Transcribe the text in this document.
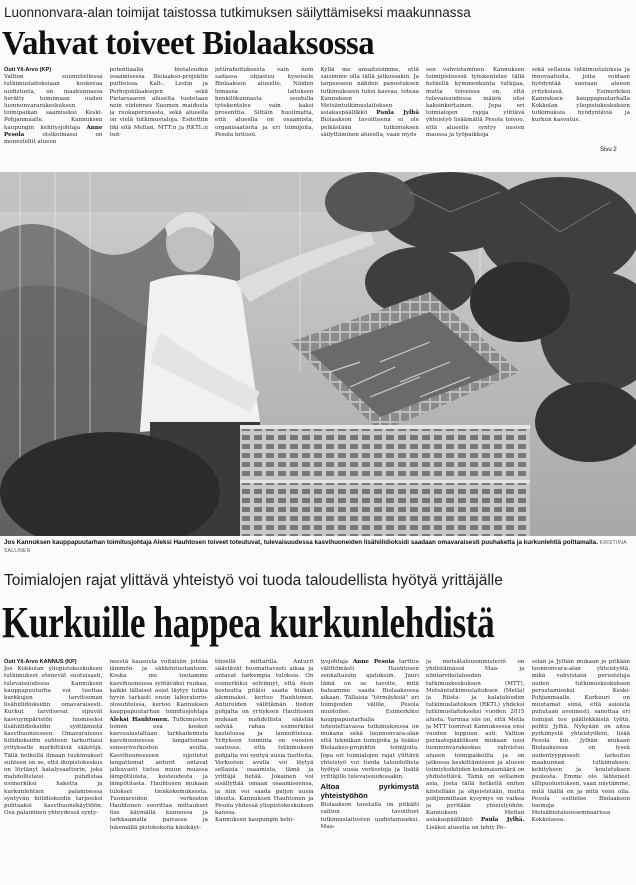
Luonnonvara-alan toimijat taistossa tutkimuksen säilyttämiseksi maakunnassa
Vahvat toiveet Biolaaksossa

Outi Yli-Arvo (KP)

Valtion suunnitellessa tutkimuslaitoksiaan koskevaa uudistusta, on maakunnassa herätty toimimaan uuden luonnonvararakeskuksen toimipaikan saamiseksi Keski-Pohjanmaalle. Kannuksen kaupungin kehitysjohtaja Anne Pesola	otsikoimassi on monestellit alueen

potentiaalia biotalouden osaamisessa Biolaakso-projektin puitteissa. Kalt-, Lestin ja Perhojokilaaksojen sekä Pietarsaaren alueelta tuotetaan noin viidennes Suomen maidosta ja ruokaperunasta, sekä alueella on vielä tutkimustaloja. Esitettiin liki sitä Metlan, MTT:n ja RKTL:n tud-

jettirahoituksesta vain noin sadassa objastuu kyseisele Biolaakson alueelle. Näiden lomassa laitoksen henkilökunnasta seudulla työskentelee vain kaksi prosenttia. Sittäin huolimatta, että alueella on osaamista, organisaatioita ja eri toimijoita, Pesola kritisoi.

Kyllä me ansaitsisimme, että saisimme olla tällä jatkossakin. Ja tarpeeseen nähden panostuksen tutkimukseen tulisi kasvaa, toteaa Kannuksen Metsäntutkimuslaitoksen asiakaspäällikkö Paula Jylhä Biolaakson tavoitteena ei ole pelkästään tutkimuksen säilyttäminen alueella, vaan myös

sen vahvistaminen. Kannuksen toimipisteessä työskentelee tällä hetkellä kymmenkunta tutkijaa, mutta toiveissa on, että tulevaisuudessa määrä olisi kaksinkertainen. Jopa eri toimialojen rajoja ylittävä yhteistyö lisäämällä Pesola toivoo, että alueelle syntyy uusien maussa ja työpaikkoja

sekä sellaisia tutkimustuloksia ja innovaatioita, joita voidaan hyödyntää suoraan alueen yrityksissä. Esimerkiksi Kannuksen kauppapuutarhalla Kokkolan yliopistokeskuksen tutkimuksia hyödyntäviä ja kurkun kasvatus.

Sivu 2
Jos Kannuksen kauppapuutarhan toimitusjohtaja Aleksi Hauhtosen toiveet toteutuvat, tulevaisuudessa kasvihuoneiden lisähiilidioksidi saadaan omavaraisesti puuhaketta ja kurkunlehtiä polttamalla. KRISTIINA SALLINEN
Toimialojen rajat ylittävä yhteistyö voi tuoda taloudellista hyötyä yrittäjälle
Kurkuille happea kurkunlehdistä

Outi Yli-Arvo KANNUS (KP)

Jos Kokkolan yliopistokeskuksen tutkimukset etenevät suotuisasti, tulevaisuudessa Kannuksen kauppapuutarha voi tuottaa kurkkujen tarvitseman lisähiilidioksidin omavaraisesti. Kurkut tarvitsevat sipuvät kasvuympäristön luomiseksi lisähiilidioksidin syöttämistä kasvihuoneeseen. Omavaraisuus hiilidioksidin suhteen tarkoittaisi yritykselle merkittäviä säästöjä. Tällä hetkellä ilmaan tuskimukset suhteen on se, että diopistokeskus on löytänyt katalysaattorin, joka mahdollistaisi puhdistaa esimerkiksi haketta ja kurkunlehtien palamisessa syntyvän hiilidioksidin tarpeeksi puhtaaksi kasvihuonekäyttöön. Osa palaminen yhteydessä synty-

neestä kaasusta voitaisiin johtaa lämmön- ja sähköntuotantoon. Koska me tuotamme kasvihuoneissa syötäväksi ruokaa, kaikki tällaiset asiat täytyy tutkia hyvin tarkasti ensin laboratorio-olosuhteissa, kertoo Kannuksen kauppapuutarhan toimitusjohtaja Aleksi Hauhtonen. Tutkimusten toinen osa koskee kasvualustaltaan tarkkailemista kasvihuoneessa langattoman sensoriverkoston avulla. Kasvihuoneeseen sijoitetut langattomat anturit antavat jatkuvasti tietoa muun muassa lämpötiloista, kosteudesta ja lämpötilasta. Hauhtosen mukaan tulokset tienkokemuksesta. Tuomareiden verkoston Hauhtonen suorittaa mittaukset itse käymällä kunnossa ja tarkkaamalla paivassa ja tekemällä pistokokeita käsikäyt-

töisellä mittarilla. Anturit säästävät huomattavasti aikaa ja antavat tarkempia tuloksia. On esimerkiksi selvinnyt, että öisin kosteutta pitäisi saada hiukan alemmaksi, kertoo Hauhtonen. Antureiden välittämän tiedon pohjalta on yrityksen Hauhtosen mukaan mahdollista säästää selvää rahaa esimerkiksi kastelussa ja lannoitteissa. Yrityksen toiminta on vuosien saatossa, että tutkimuksen pohjalta voi syntyä uusia tuotteita. Verkoston avulla voi löytyä sellaisia osaamista, tämä ja yrittäjä tietää. Jokainen voi sisällyttää omaan osaamiseensa, ja niin voi saada paljon uusia ideoita. Kannuksen Hauhtonen ja Pesola yhdessä yliopistokeskuksen kanssa.

Kannuksen kaupungin kehi-

tysjohtaja Anne Pesola tarttuu välittömästi Hauhtosen senkaltaisiin ajatuksiin. Juuri tämä on se tavoite, mitä haluamme saada Biolaaksossa aikaan. Tällaisia "törmäyksiä" eri toimijoiden välille, Pesola muotoilee. Esimerkiksi kauppapuutarhalla toteutettavassa tutkimuksessa on mukana sekä luonnonvara-alan että tekniikan toimijoita ja lisäksi Biolaakso-projektin toimijoita. Jopa eri toimialojen rajat ylittävä yhteistyö voi tuoda taloudellista hyötyä uusia verkostoja ja lisätä yrittäjille tulevaisuudessakin.

Altoa pyrkimystä yhteistyöhön

Biolaakson taustalla on pitkälti valtion tavoitteet tutkimuslaitosten uudistamiseksi. Maa-

ja metsätalousministeriö on yhdistämässä Maa- ja elintarviketalouden tutkimuskeskuksen (MTT), Metsäntutkimuslaitoksen (Metla) ja Riista- ja kalatalouden tutkimuslaitoksen (RKTL) yhdeksi tutkimuslaitokseksi vuoden 2015 alusta. Varmaa siis on, että Metla ja MTT toimivat Kannuksessa ensi vuoden loppuun asti. Valtion periaatepäätöksen mukaan uusi luonnonvarakeskus vahvistuu alueen toimipaikoilla ja on jatkossa keskittämiseen ja alueen toimiyksiköiden kokonaismäärä on yhdistettävä. Tämä on sellainen asia, josta tällä hetkellä eniten kiistellään ja ohjeistetään, mutta pohjimmiltaan kysymys on vaikea ja pyritään yhteistyöhön. Kannuksen Metlan asiakaspäällikkö Paula Jylhä. Lisäksi alueella on tehty Pe-

solan ja Jylhän mukaan jo pitkään luonnonvara-alan yhteistyötä, mikä vahvistaisi perusteluja uuden tutkimuskeskuksen perustamiseksi Keski-Pohjanmaalle. Kurkuuri on muutamat siinä, että asioista puhutaan avoimesti, sanottaa eri toimijat tee päällekkäistä työtä, pohtii Jylhä. Nykyään on aitoa pyrkimystä yhteistyöhön, lisää Pesola kin. Jylhän mukaan Biolaaksossa on lyseä uudentyyppisesti tarkoitus maakunnan tutkimuksen, kehityksen ja koulutuksen puolesta. Emme ole lähteneet sillipuolustuksen, vaan näytämme, mitä täällä on ja mitä voisi olla. Pesola esittelee Biolaakson teemoja Metsäbiotaloussemnaarissa Kokkolassa.
